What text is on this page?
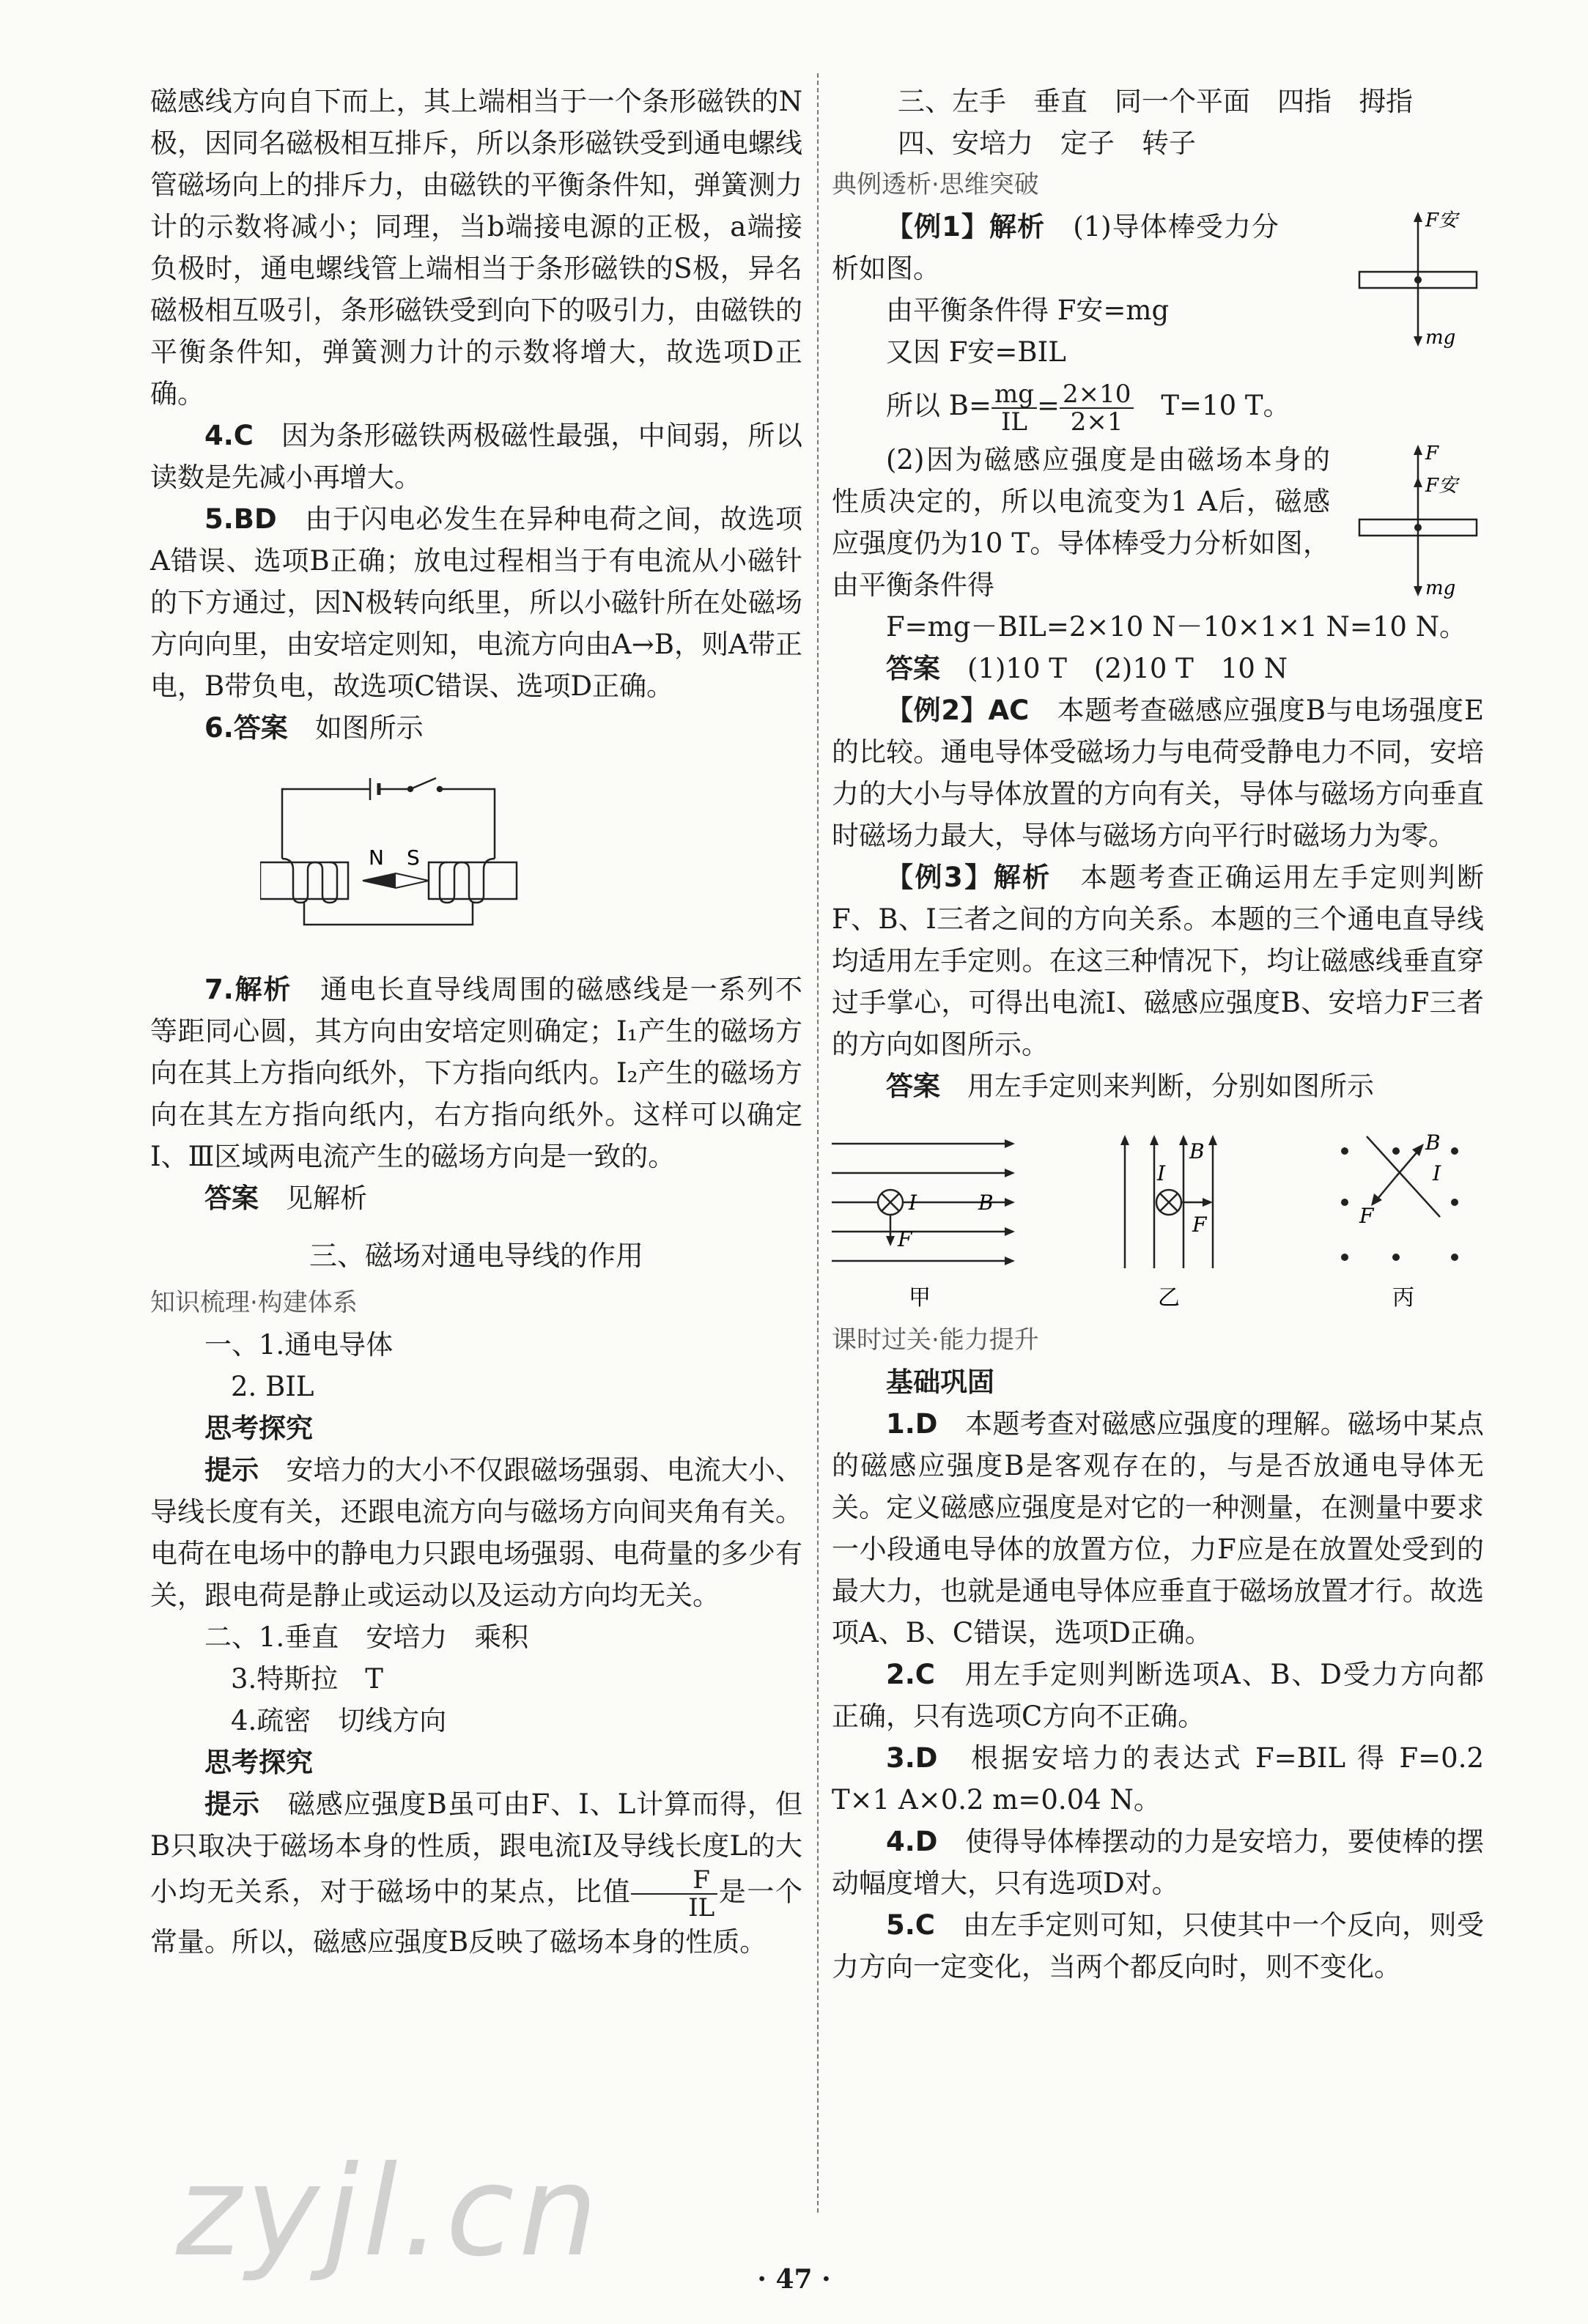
磁感线方向自下而上，其上端相当于一个条形磁铁的N极，因同名磁极相互排斥，所以条形磁铁受到通电螺线管磁场向上的排斥力，由磁铁的平衡条件知，弹簧测力计的示数将减小；同理，当b端接电源的正极，a端接负极时，通电螺线管上端相当于条形磁铁的S极，异名磁极相互吸引，条形磁铁受到向下的吸引力，由磁铁的平衡条件知，弹簧测力计的示数将增大，故选项D正确。

4.C　 因为条形磁铁两极磁性最强，中间弱，所以读数是先减小再增大。

5.BD　 由于闪电必发生在异种电荷之间，故选项A错误、选项B正确；放电过程相当于有电流从小磁针的下方通过，因N极转向纸里，所以小磁针所在处磁场方向向里，由安培定则知，电流方向由A→B，则A带正电，B带负电，故选项C错误、选项D正确。

6.答案　 如图所示

N S

7.解析　 通电长直导线周围的磁感线是一系列不等距同心圆，其方向由安培定则确定；I₁产生的磁场方向在其上方指向纸外，下方指向纸内。I₂产生的磁场方向在其左方指向纸内，右方指向纸外。这样可以确定Ⅰ、Ⅲ区域两电流产生的磁场方向是一致的。

答案　 见解析

三、磁场对通电导线的作用
知识梳理·构建体系
一、1.通电导体
2. BIL
思考探究

提示　 安培力的大小不仅跟磁场强弱、电流大小、导线长度有关，还跟电流方向与磁场方向间夹角有关。电荷在电场中的静电力只跟电场强弱、电荷量的多少有关，跟电荷是静止或运动以及运动方向均无关。

二、1.垂直　安培力　乘积
3.特斯拉　T
4.疏密　切线方向
思考探究

提示　 磁感应强度B虽可由F、I、L计算而得，但B只取决于磁场本身的性质，跟电流I及导线长度L的大小均无关系，对于磁场中的某点，比值 $\frac{F}{IL}$ 是一个常量。所以，磁感应强度B反映了磁场本身的性质。

三、左手　垂直　同一个平面　四指　拇指
四、安培力　定子　转子
典例透析·思维突破

【例1】解析　 (1)导体棒受力分析如图。

由平衡条件得 F安=mg
又因 F安=BIL
F安
mg
所以 $B= \frac{mg}{IL} = \frac{2\times 10}{2\times 1}$
　 T=10 T。

(2)因为磁感应强度是由磁场本身的性质决定的，所以电流变为1 A后，磁感应强度仍为10 T。导体棒受力分析如图，由平衡条件得

F
F安
mg

F=mg－BIL=2×10 N－10×1×1 N=10 N。

答案　 (1)10 T　(2)10 T　10 N

【例2】AC　 本题考查磁感应强度B与电场强度E的比较。通电导体受磁场力与电荷受静电力不同，安培力的大小与导体放置的方向有关，导体与磁场方向垂直时磁场力最大，导体与磁场方向平行时磁场力为零。

【例3】解析　 本题考查正确运用左手定则判断F、B、I三者之间的方向关系。本题的三个通电直导线均适用左手定则。在这三种情况下，均让磁感线垂直穿过手掌心，可得出电流I、磁感应强度B、安培力F三者的方向如图所示。

答案　 用左手定则来判断，分别如图所示
I	B
F
甲
I
B
F
乙
B
I
F
丙
课时过关·能力提升
基础巩固

1.D　 本题考查对磁感应强度的理解。磁场中某点的磁感应强度B是客观存在的，与是否放通电导体无关。定义磁感应强度是对它的一种测量，在测量中要求一小段通电导体的放置方位，力F应是在放置处受到的最大力，也就是通电导体应垂直于磁场放置才行。故选项A、B、C错误，选项D正确。

2.C　 用左手定则判断选项A、B、D受力方向都正确，只有选项C方向不正确。

3.D　 根据安培力的表达式 F=BIL 得 F=0.2 T×1 A×0.2 m=0.04 N。

4.D　 使得导体棒摆动的力是安培力，要使棒的摆动幅度增大，只有选项D对。

5.C　 由左手定则可知，只使其中一个反向，则受力方向一定变化，当两个都反向时，则不变化。

zyjl.cn	· 47 ·
